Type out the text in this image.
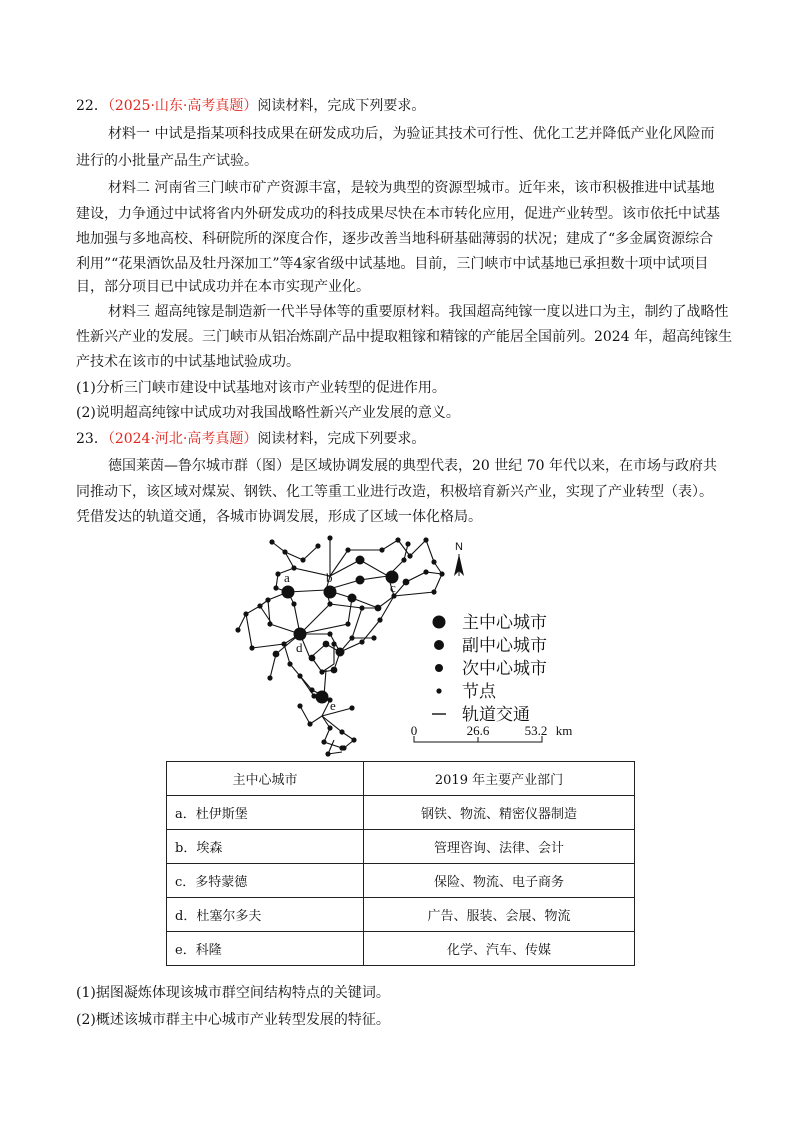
22．（2025·山东·高考真题）阅读材料，完成下列要求。
材料一 中试是指某项科技成果在研发成功后，为验证其技术可行性、优化工艺并降低产业化风险而
进行的小批量产品生产试验。
材料二 河南省三门峡市矿产资源丰富，是较为典型的资源型城市。近年来，该市积极推进中试基地
建设，力争通过中试将省内外研发成功的科技成果尽快在本市转化应用，促进产业转型。该市依托中试基
地加强与多地高校、科研院所的深度合作，逐步改善当地科研基础薄弱的状况；建成了“多金属资源综合
利用”“花果酒饮品及牡丹深加工”等4家省级中试基地。目前，三门峡市中试基地已承担数十项中试项目
目，部分项目已中试成功并在本市实现产业化。
材料三 超高纯镓是制造新一代半导体等的重要原材料。我国超高纯镓一度以进口为主，制约了战略性
性新兴产业的发展。三门峡市从铝冶炼副产品中提取粗镓和精镓的产能居全国前列。2024 年，超高纯镓生
产技术在该市的中试基地试验成功。
(1)分析三门峡市建设中试基地对该市产业转型的促进作用。
(2)说明超高纯镓中试成功对我国战略性新兴产业发展的意义。
23．（2024·河北·高考真题）阅读材料，完成下列要求。
德国莱茵—鲁尔城市群（图）是区域协调发展的典型代表，20 世纪 70 年代以来，在市场与政府共
同推动下，该区域对煤炭、钢铁、化工等重工业进行改造，积极培育新兴产业，实现了产业转型（表）。
凭借发达的轨道交通，各城市协调发展，形成了区域一体化格局。
a	b
c
d
e
N
主中心城市
副中心城市
次中心城市
节点
轨道交通
0	26.6	53.2 km
主中心城市	2019 年主要产业部门
a．杜伊斯堡	钢铁、物流、精密仪器制造
b．埃森	管理咨询、法律、会计
c．多特蒙德	保险、物流、电子商务
d．杜塞尔多夫	广告、服装、会展、物流
e．科隆	化学、汽车、传媒
(1)据图凝炼体现该城市群空间结构特点的关键词。
(2)概述该城市群主中心城市产业转型发展的特征。
